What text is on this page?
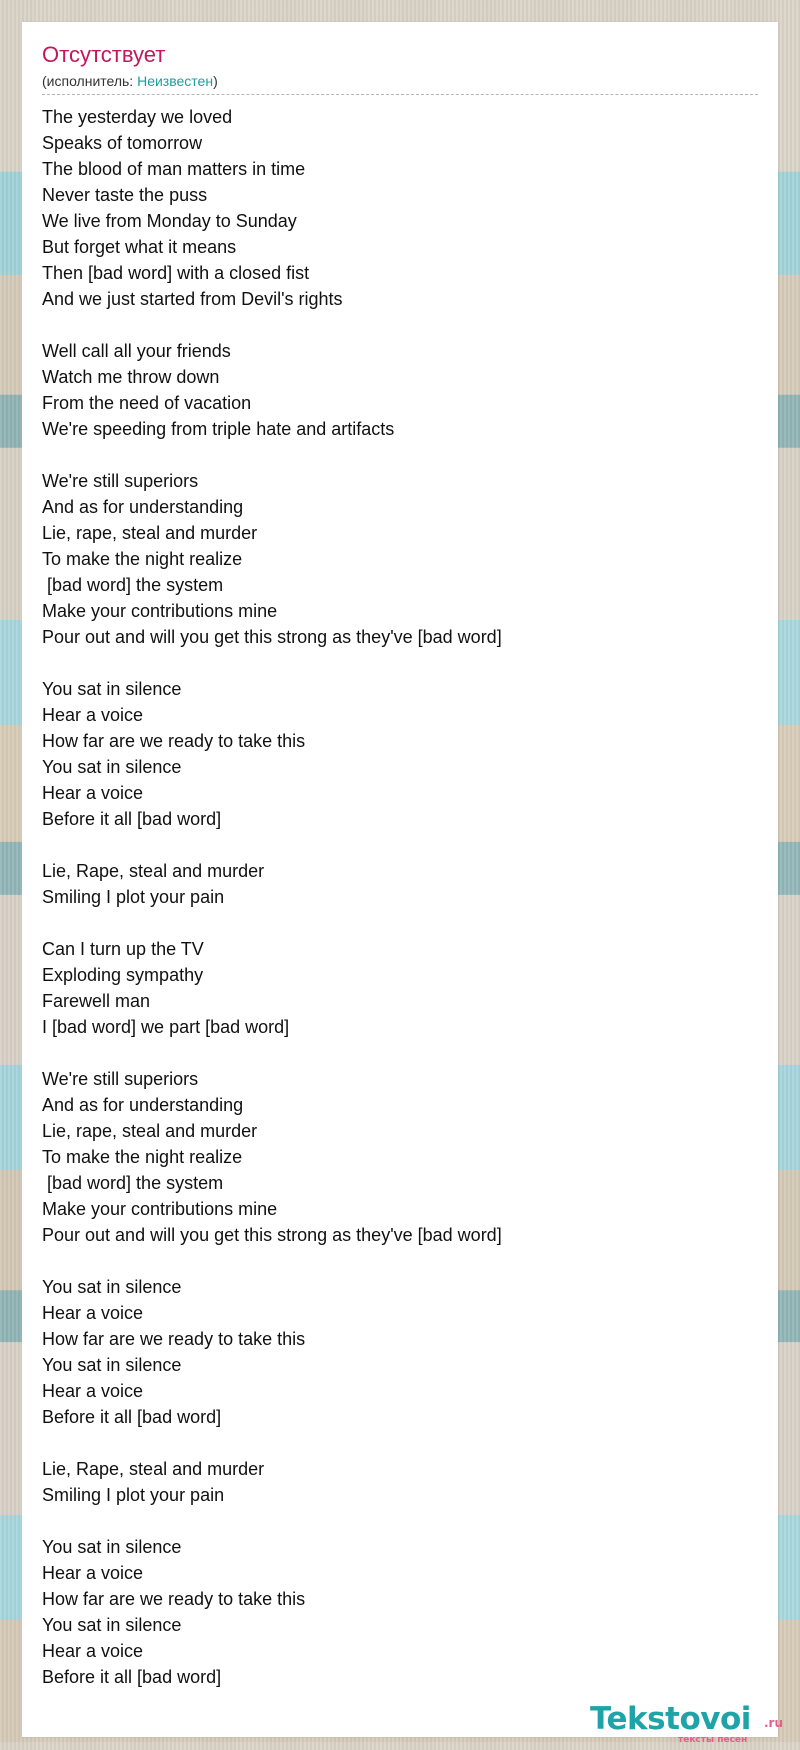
Отсутствует
(исполнитель: Неизвестен)
The yesterday we loved
Speaks of tomorrow
The blood of man matters in time
Never taste the puss
We live from Monday to Sunday
But forget what it means
Then [bad word] with a closed fist
And we just started from Devil's rights
Well call all your friends
Watch me throw down
From the need of vacation
We're speeding from triple hate and artifacts
We're still superiors
And as for understanding
Lie, rape, steal and murder
To make the night realize
[bad word] the system
Make your contributions mine
Pour out and will you get this strong as they've [bad word]
You sat in silence
Hear a voice
How far are we ready to take this
You sat in silence
Hear a voice
Before it all [bad word]
Lie, Rape, steal and murder
Smiling I plot your pain
Can I turn up the TV
Exploding sympathy
Farewell man
I [bad word] we part [bad word]
We're still superiors
And as for understanding
Lie, rape, steal and murder
To make the night realize
[bad word] the system
Make your contributions mine
Pour out and will you get this strong as they've [bad word]
You sat in silence
Hear a voice
How far are we ready to take this
You sat in silence
Hear a voice
Before it all [bad word]
Lie, Rape, steal and murder
Smiling I plot your pain
You sat in silence
Hear a voice
How far are we ready to take this
You sat in silence
Hear a voice
Before it all [bad word]
Tekstovoi .ru
тексты песен
